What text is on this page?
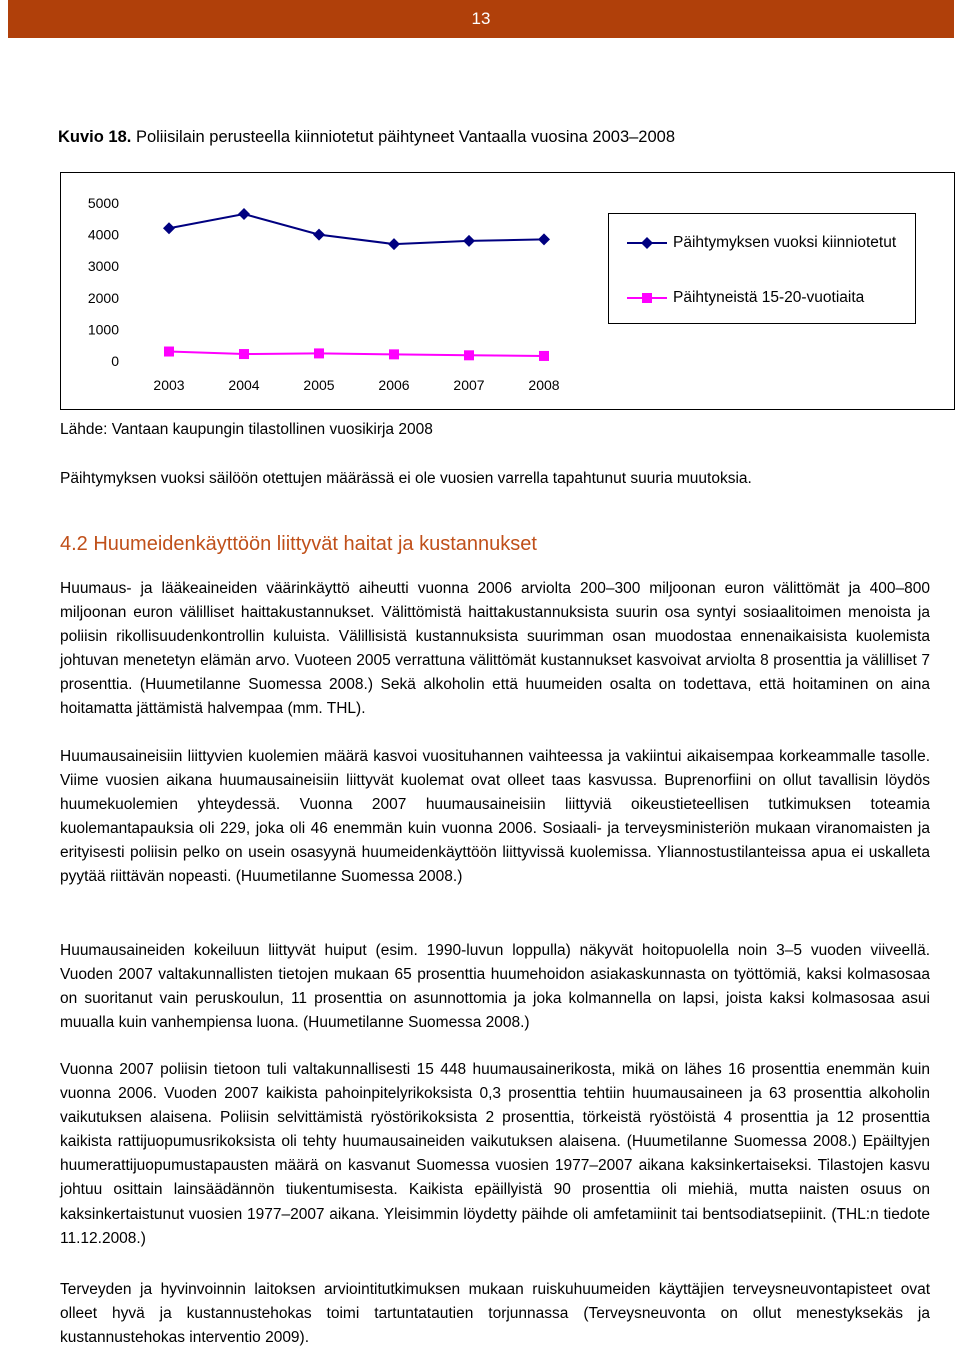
13
Kuvio 18. Poliisilain perusteella kiinniotetut päihtyneet Vantaalla vuosina 2003–2008
5000
4000
3000
2000
1000
0
2003	2004	2005	2006	2007	2008
Päihtymyksen vuoksi kiinniotetut
Päihtyneistä 15-20-vuotiaita
Lähde: Vantaan kaupungin tilastollinen vuosikirja 2008
Päihtymyksen vuoksi säilöön otettujen määrässä ei ole vuosien varrella tapahtunut suuria muutoksia.
4.2 Huumeidenkäyttöön liittyvät haitat ja kustannukset

Huumaus- ja lääkeaineiden väärinkäyttö aiheutti vuonna 2006 arviolta 200–300 miljoonan euron välittömät ja 400–800 miljoonan euron välilliset haittakustannukset. Välittömistä haittakustannuksista suurin osa syntyi sosiaalitoimen menoista ja poliisin rikollisuudenkontrollin kuluista. Välillisistä kustannuksista suurimman osan muodostaa ennenaikaisista kuolemista johtuvan menetetyn elämän arvo. Vuoteen 2005 verrattuna välittömät kustannukset kasvoivat arviolta 8 prosenttia ja välilliset 7 prosenttia. (Huumetilanne Suomessa 2008.) Sekä alkoholin että huumeiden osalta on todettava, että hoitaminen on aina hoitamatta jättämistä halvempaa (mm. THL).

Huumausaineisiin liittyvien kuolemien määrä kasvoi vuosituhannen vaihteessa ja vakiintui aikaisempaa korkeammalle tasolle. Viime vuosien aikana huumausaineisiin liittyvät kuolemat ovat olleet taas kasvussa. Buprenorfiini on ollut tavallisin löydös huumekuolemien yhteydessä. Vuonna 2007 huumausaineisiin liittyviä oikeustieteellisen tutkimuksen toteamia kuolemantapauksia oli 229, joka oli 46 enemmän kuin vuonna 2006. Sosiaali- ja terveysministeriön mukaan viranomaisten ja erityisesti poliisin pelko on usein osasyynä huumeidenkäyttöön liittyvissä kuolemissa. Yliannostustilanteissa apua ei uskalleta pyytää riittävän nopeasti. (Huumetilanne Suomessa 2008.)

Huumausaineiden kokeiluun liittyvät huiput (esim. 1990-luvun loppulla) näkyvät hoitopuolella noin 3–5 vuoden viiveellä. Vuoden 2007 valtakunnallisten tietojen mukaan 65 prosenttia huumehoidon asiakaskunnasta on työttömiä, kaksi kolmasosaa on suoritanut vain peruskoulun, 11 prosenttia on asunnottomia ja joka kolmannella on lapsi, joista kaksi kolmasosaa asui muualla kuin vanhempiensa luona. (Huumetilanne Suomessa 2008.)

Vuonna 2007 poliisin tietoon tuli valtakunnallisesti 15 448 huumausainerikosta, mikä on lähes 16 prosenttia enemmän kuin vuonna 2006. Vuoden 2007 kaikista pahoinpitelyrikoksista 0,3 prosenttia tehtiin huumausaineen ja 63 prosenttia alkoholin vaikutuksen alaisena. Poliisin selvittämistä ryöstörikoksista 2 prosenttia, törkeistä ryöstöistä 4 prosenttia ja 12 prosenttia kaikista rattijuopumusrikoksista oli tehty huumausaineiden vaikutuksen alaisena. (Huumetilanne Suomessa 2008.) Epäiltyjen huumerattijuopumustapausten määrä on kasvanut Suomessa vuosien 1977–2007 aikana kaksinkertaiseksi. Tilastojen kasvu johtuu osittain lainsäädännön tiukentumisesta. Kaikista epäillyistä 90 prosenttia oli miehiä, mutta naisten osuus on kaksinkertaistunut vuosien 1977–2007 aikana. Yleisimmin löydetty päihde oli amfetamiinit tai bentsodiatsepiinit. (THL:n tiedote 11.12.2008.)

Terveyden ja hyvinvoinnin laitoksen arviointitutkimuksen mukaan ruiskuhuumeiden käyttäjien terveysneuvontapisteet ovat olleet hyvä ja kustannustehokas toimi tartuntatautien torjunnassa (Terveysneuvonta on ollut menestyksekäs ja kustannustehokas interventio 2009).
